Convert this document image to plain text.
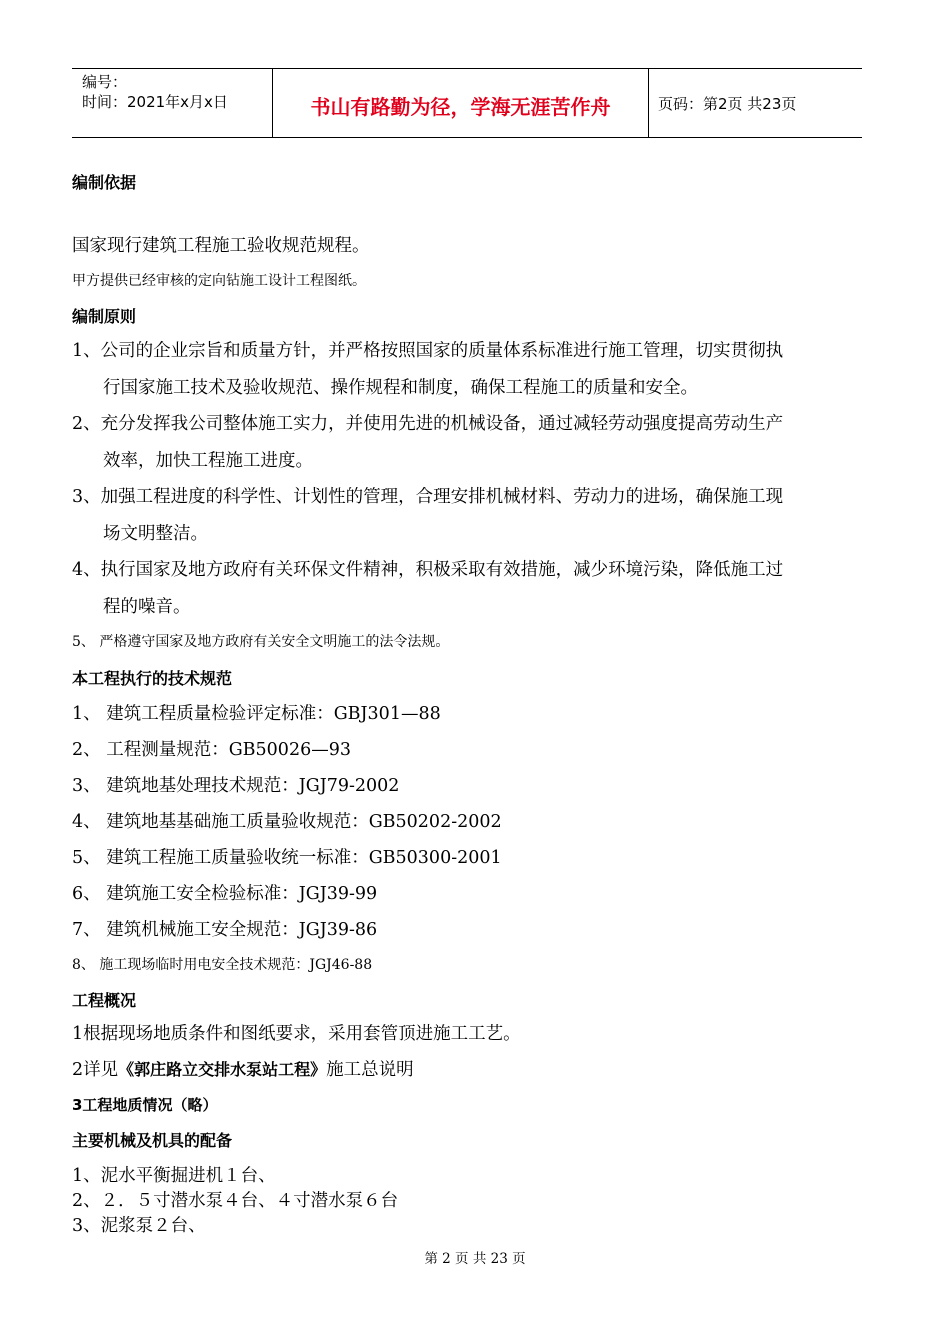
编号：
时间：2021年x月x日	书山有路勤为径，学海无涯苦作舟	页码：第2页 共23页
编制依据
国家现行建筑工程施工验收规范规程。
甲方提供已经审核的定向钻施工设计工程图纸。
编制原则
1、公司的企业宗旨和质量方针，并严格按照国家的质量体系标准进行施工管理，切实贯彻执
行国家施工技术及验收规范、操作规程和制度，确保工程施工的质量和安全。
2、充分发挥我公司整体施工实力，并使用先进的机械设备，通过减轻劳动强度提高劳动生产
效率，加快工程施工进度。
3、加强工程进度的科学性、计划性的管理，合理安排机械材料、劳动力的进场，确保施工现
场文明整洁。
4、执行国家及地方政府有关环保文件精神，积极采取有效措施，减少环境污染，降低施工过
程的噪音。
5、 严格遵守国家及地方政府有关安全文明施工的法令法规。
本工程执行的技术规范
1、 建筑工程质量检验评定标准：GBJ301—88
2、 工程测量规范：GB50026—93
3、 建筑地基处理技术规范：JGJ79-2002
4、 建筑地基基础施工质量验收规范：GB50202-2002
5、 建筑工程施工质量验收统一标准：GB50300-2001
6、 建筑施工安全检验标准：JGJ39-99
7、 建筑机械施工安全规范：JGJ39-86
8、 施工现场临时用电安全技术规范：JGJ46-88
工程概况
1根据现场地质条件和图纸要求，采用套管顶进施工工艺。
2详见《郭庄路立交排水泵站工程》施工总说明
3工程地质情况（略）
主要机械及机具的配备
1、泥水平衡掘进机１台、
2、２．５寸潜水泵４台、４寸潜水泵６台
3、泥浆泵２台、
第 2 页 共 23 页
